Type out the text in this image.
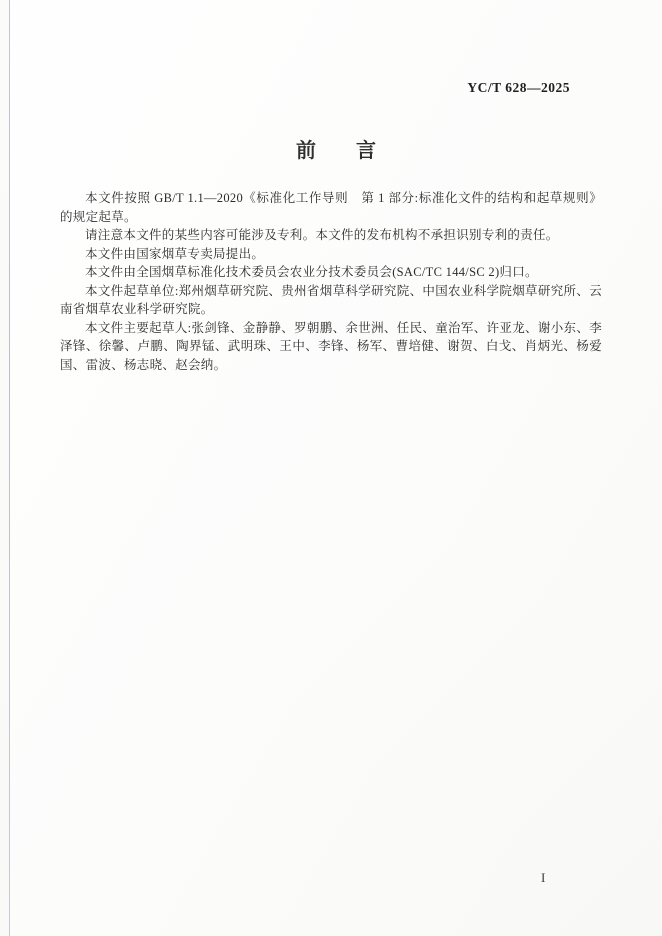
YC/T 628—2025
前　　言

本文件按照 GB/T 1.1—2020《标准化工作导则　第 1 部分:标准化文件的结构和起草规则》的规定起草。

请注意本文件的某些内容可能涉及专利。本文件的发布机构不承担识别专利的责任。

本文件由国家烟草专卖局提出。

本文件由全国烟草标准化技术委员会农业分技术委员会(SAC/TC 144/SC 2)归口。

本文件起草单位:郑州烟草研究院、贵州省烟草科学研究院、中国农业科学院烟草研究所、云南省烟草农业科学研究院。

本文件主要起草人:张剑锋、金静静、罗朝鹏、余世洲、任民、童治军、许亚龙、谢小东、李泽锋、徐馨、卢鹏、陶界锰、武明珠、王中、李锋、杨军、曹培健、谢贺、白戈、肖炳光、杨爱国、雷波、杨志晓、赵会纳。

I
